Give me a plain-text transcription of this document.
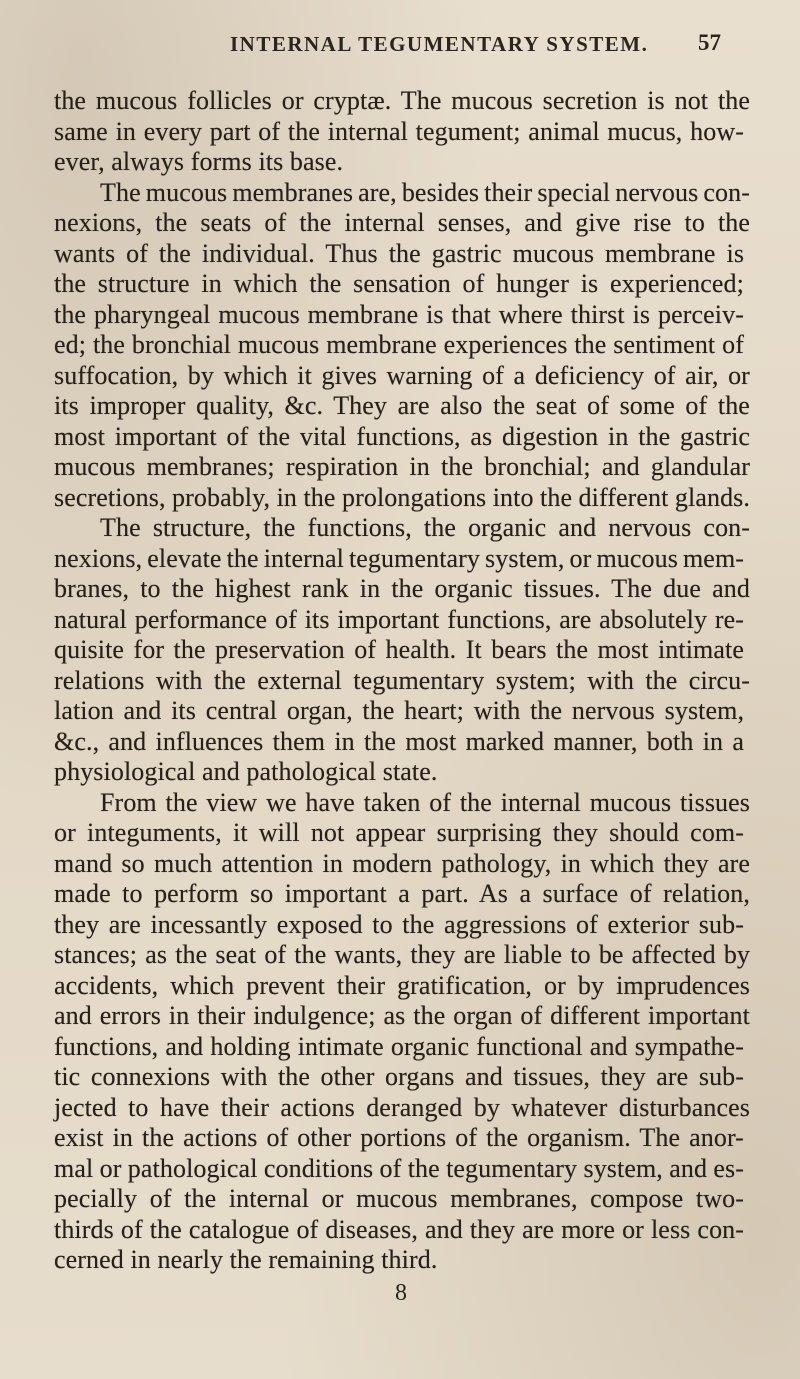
INTERNAL TEGUMENTARY SYSTEM. 57
the mucous follicles or cryptæ. The mucous secretion is not the
same in every part of the internal tegument; animal mucus, how-
ever, always forms its base.
The mucous membranes are, besides their special nervous con-
nexions, the seats of the internal senses, and give rise to the
wants of the individual. Thus the gastric mucous membrane is
the structure in which the sensation of hunger is experienced;
the pharyngeal mucous membrane is that where thirst is perceiv-
ed; the bronchial mucous membrane experiences the sentiment of
suffocation, by which it gives warning of a deficiency of air, or
its improper quality, &c. They are also the seat of some of the
most important of the vital functions, as digestion in the gastric
mucous membranes; respiration in the bronchial; and glandular
secretions, probably, in the prolongations into the different glands.
The structure, the functions, the organic and nervous con-
nexions, elevate the internal tegumentary system, or mucous mem-
branes, to the highest rank in the organic tissues. The due and
natural performance of its important functions, are absolutely re-
quisite for the preservation of health. It bears the most intimate
relations with the external tegumentary system; with the circu-
lation and its central organ, the heart; with the nervous system,
&c., and influences them in the most marked manner, both in a
physiological and pathological state.
From the view we have taken of the internal mucous tissues
or integuments, it will not appear surprising they should com-
mand so much attention in modern pathology, in which they are
made to perform so important a part. As a surface of relation,
they are incessantly exposed to the aggressions of exterior sub-
stances; as the seat of the wants, they are liable to be affected by
accidents, which prevent their gratification, or by imprudences
and errors in their indulgence; as the organ of different important
functions, and holding intimate organic functional and sympathe-
tic connexions with the other organs and tissues, they are sub-
jected to have their actions deranged by whatever disturbances
exist in the actions of other portions of the organism. The anor-
mal or pathological conditions of the tegumentary system, and es-
pecially of the internal or mucous membranes, compose two-
thirds of the catalogue of diseases, and they are more or less con-
cerned in nearly the remaining third.
8
